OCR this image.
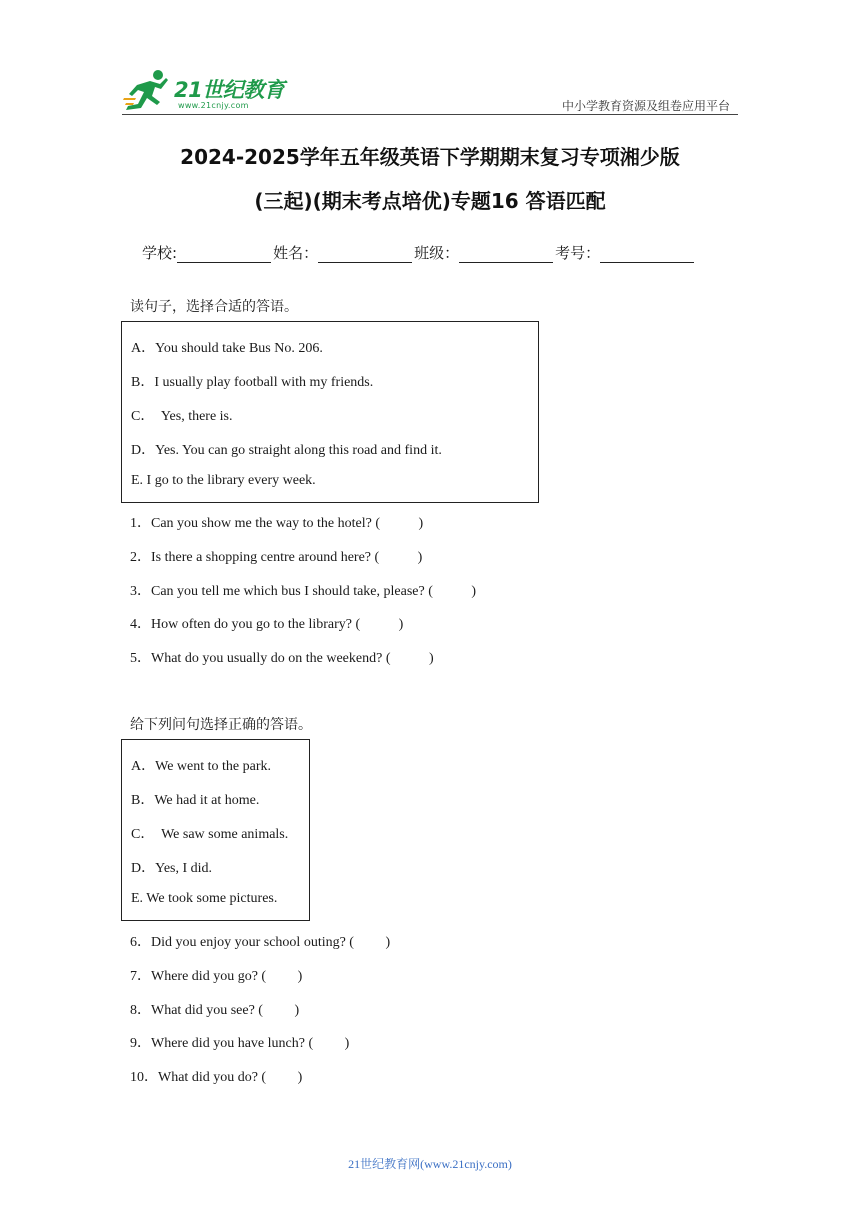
21世纪教育
www.21cnjy.com	中小学教育资源及组卷应用平台
2024-2025学年五年级英语下学期期末复习专项湘少版
(三起)(期末考点培优)专题16 答语匹配
学校:	姓名：	班级：	考号：
读句子，选择合适的答语。
A．You should take Bus No. 206.
B．I usually play football with my friends.
C．  Yes, there is.
D．Yes. You can go straight along this road and find it.
E. I go to the library every week.
1．Can you show me the way to the hotel? (           )
2．Is there a shopping centre around here? (           )
3．Can you tell me which bus I should take, please? (           )
4．How often do you go to the library? (           )
5．What do you usually do on the weekend? (           )
给下列问句选择正确的答语。
A．We went to the park.
B．We had it at home.
C．  We saw some animals.
D．Yes, I did.
E. We took some pictures.
6．Did you enjoy your school outing? (         )
7．Where did you go? (         )
8．What did you see? (         )
9．Where did you have lunch? (         )
10．What did you do? (         )
21世纪教育网(www.21cnjy.com)
